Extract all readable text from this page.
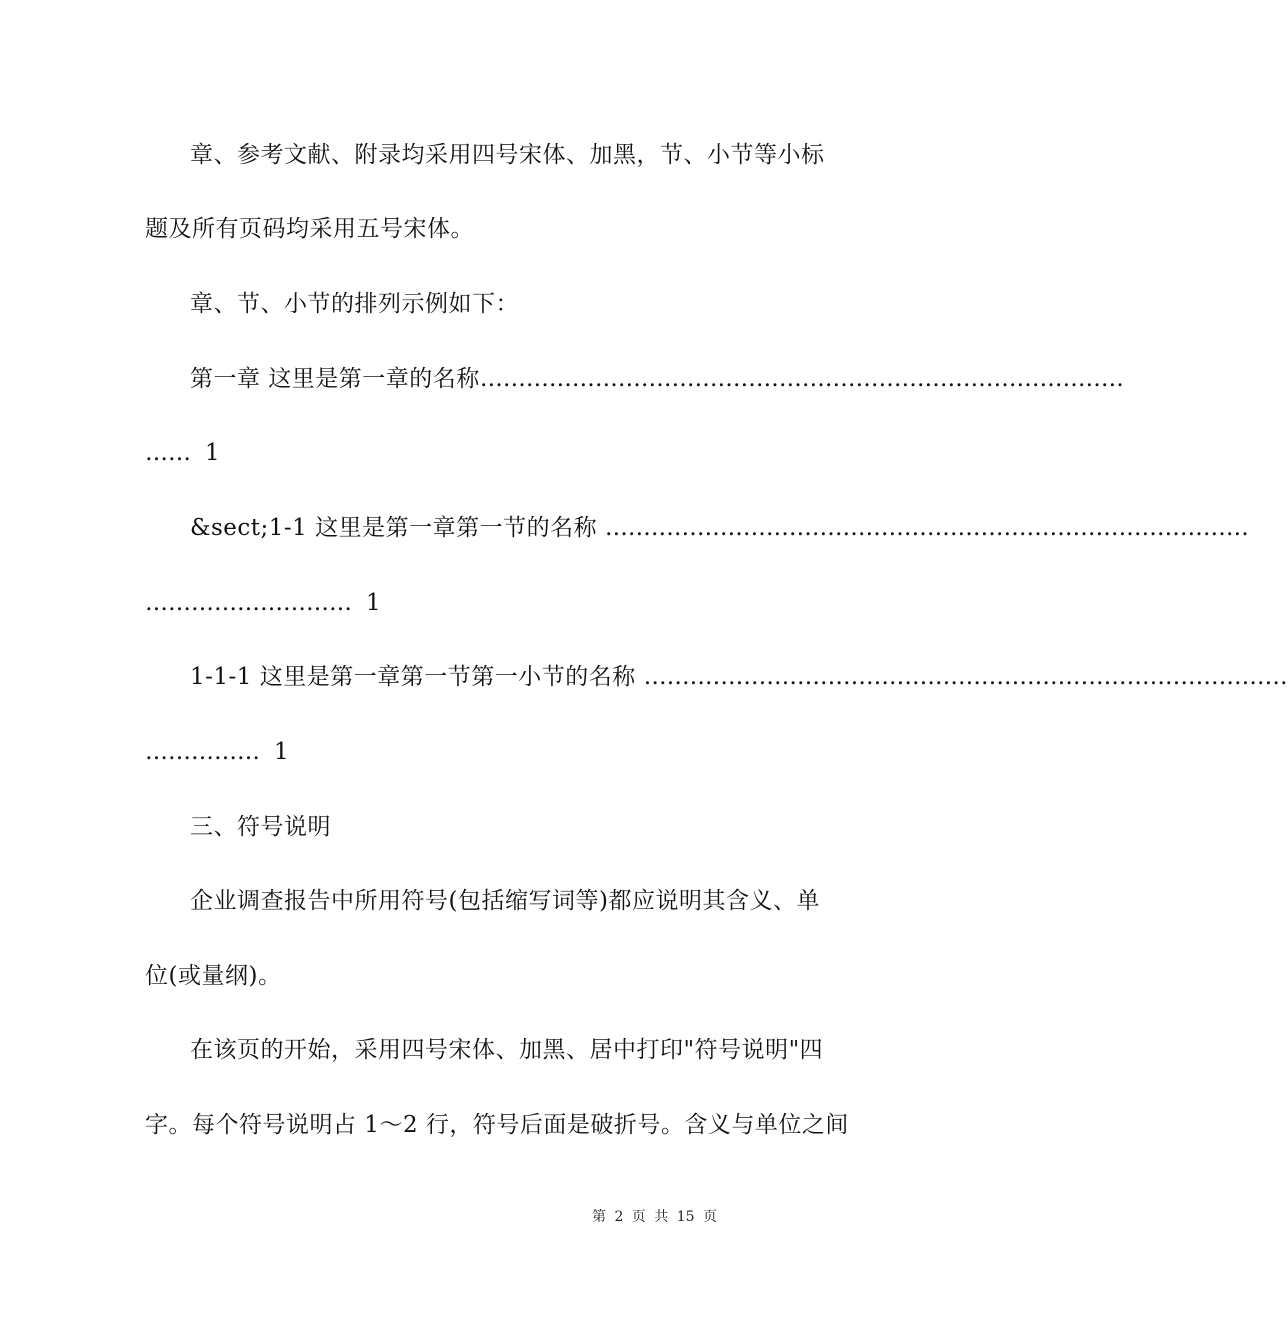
章、参考文献、附录均采用四号宋体、加黑，节、小节等小标
题及所有页码均采用五号宋体。
章、节、小节的排列示例如下：
第一章 这里是第一章的名称 …………………………………………………………………………
…… 1
&sect;1-1 这里是第一章第一节的名称 …………………………………………………………………………
……………………… 1
1-1-1 这里是第一章第一节第一小节的名称 …………………………………………………………………………
…………… 1
三、符号说明
企业调查报告中所用符号(包括缩写词等)都应说明其含义、单
位(或量纲)。
在该页的开始，采用四号宋体、加黑、居中打印"符号说明"四
字。每个符号说明占 1～2 行，符号后面是破折号。含义与单位之间
第 2 页 共 15 页
